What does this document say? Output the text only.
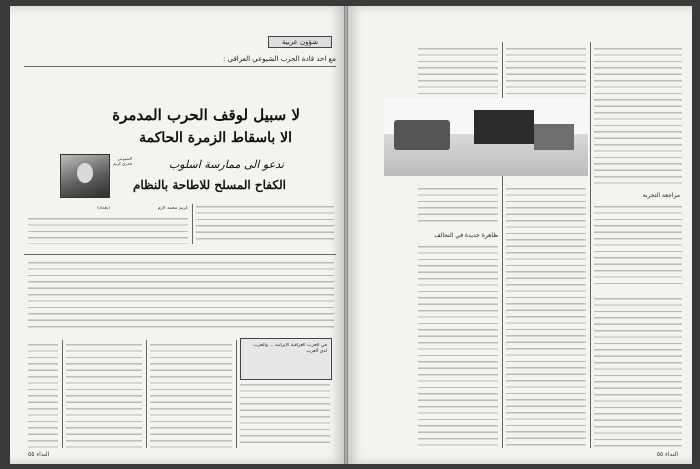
شؤون عربية
مع احد قادة الحزب الشيوعي العراقي :
لا سبيل لوقف الحرب المدمرة
الا باسقاط الزمرة الحاكمة
ندعو الى ممارسة اسلوب
الكفاح المسلح للاطاحة بالنظام
الشيوعي فخري كريم
كريم محمد لازم
(بغداد)
في الحرب العراقية الايرانية ... والحرب لدى العرب
النداء ٥٥
مراجعة التجربة
ظاهرة جديدة في التحالف
النداء ٥٥
